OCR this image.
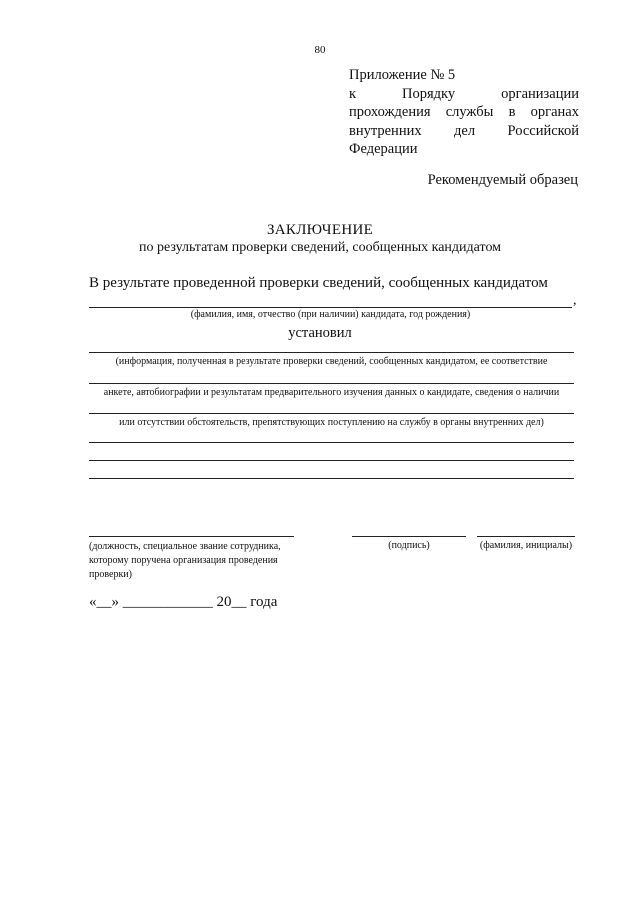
80
Приложение № 5
к	Порядку	организации
прохождения службы в органах
внутренних дел Российской
Федерации
Рекомендуемый образец
ЗАКЛЮЧЕНИЕ
по результатам проверки сведений, сообщенных кандидатом
В результате проведенной проверки сведений, сообщенных кандидатом
,
(фамилия, имя, отчество (при наличии) кандидата, год рождения)
установил
(информация, полученная в результате проверки сведений, сообщенных кандидатом, ее соответствие
анкете, автобиографии и результатам предварительного изучения данных о кандидате, сведения о наличии
или отсутствии обстоятельств, препятствующих поступлению на службу в органы внутренних дел)
(должность, специальное звание сотрудника, которому поручена организация проведения проверки)
(подпись)	(фамилия, инициалы)
«__» ____________ 20__ года
